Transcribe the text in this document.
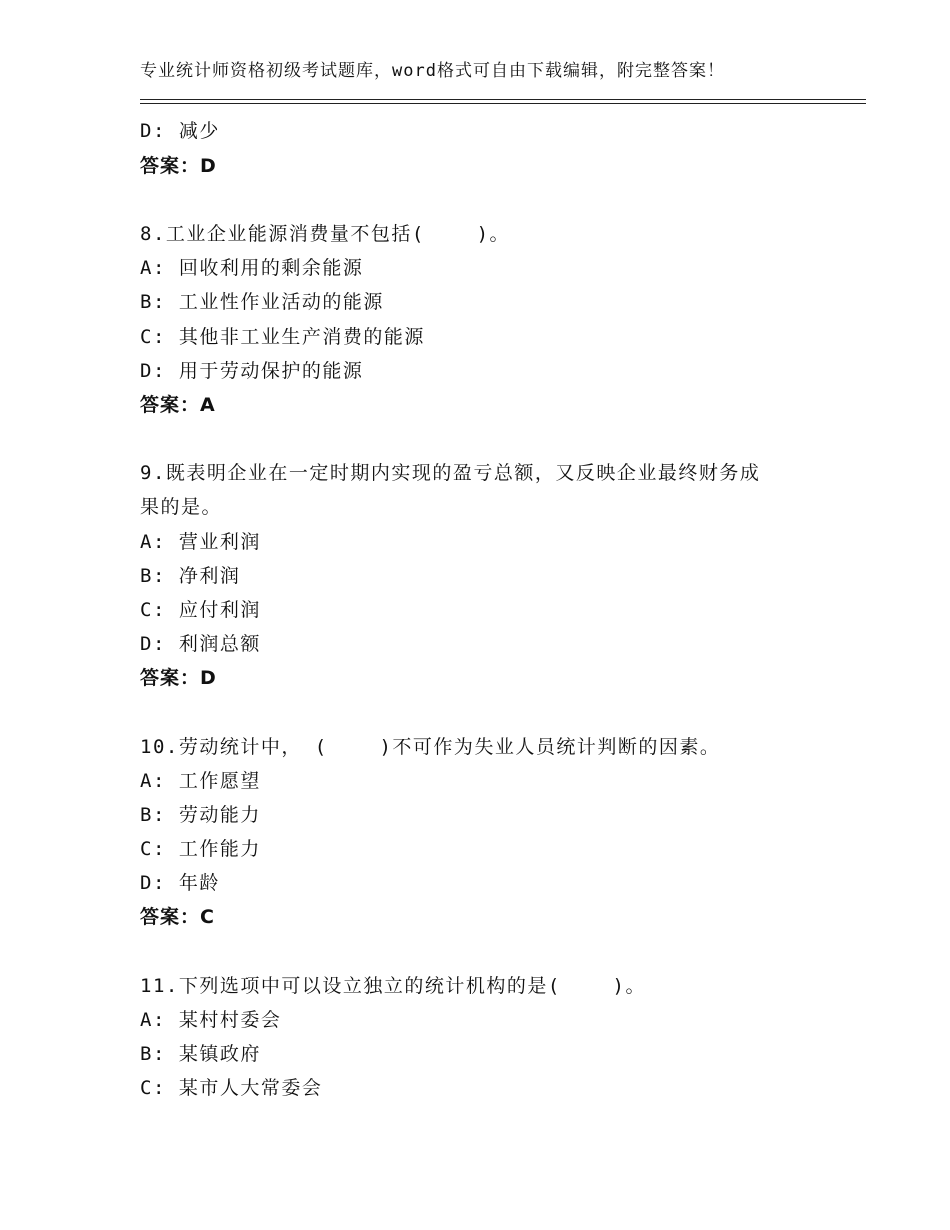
专业统计师资格初级考试题库，word格式可自由下载编辑，附完整答案！
D: 减少
答案：D
8.工业企业能源消费量不包括(    )。
A: 回收利用的剩余能源
B: 工业性作业活动的能源
C: 其他非工业生产消费的能源
D: 用于劳动保护的能源
答案：A
9.既表明企业在一定时期内实现的盈亏总额，又反映企业最终财务成
果的是。
A: 营业利润
B: 净利润
C: 应付利润
D: 利润总额
答案：D
10.劳动统计中， (    )不可作为失业人员统计判断的因素。
A: 工作愿望
B: 劳动能力
C: 工作能力
D: 年龄
答案：C
11.下列选项中可以设立独立的统计机构的是(    )。
A: 某村村委会
B: 某镇政府
C: 某市人大常委会
